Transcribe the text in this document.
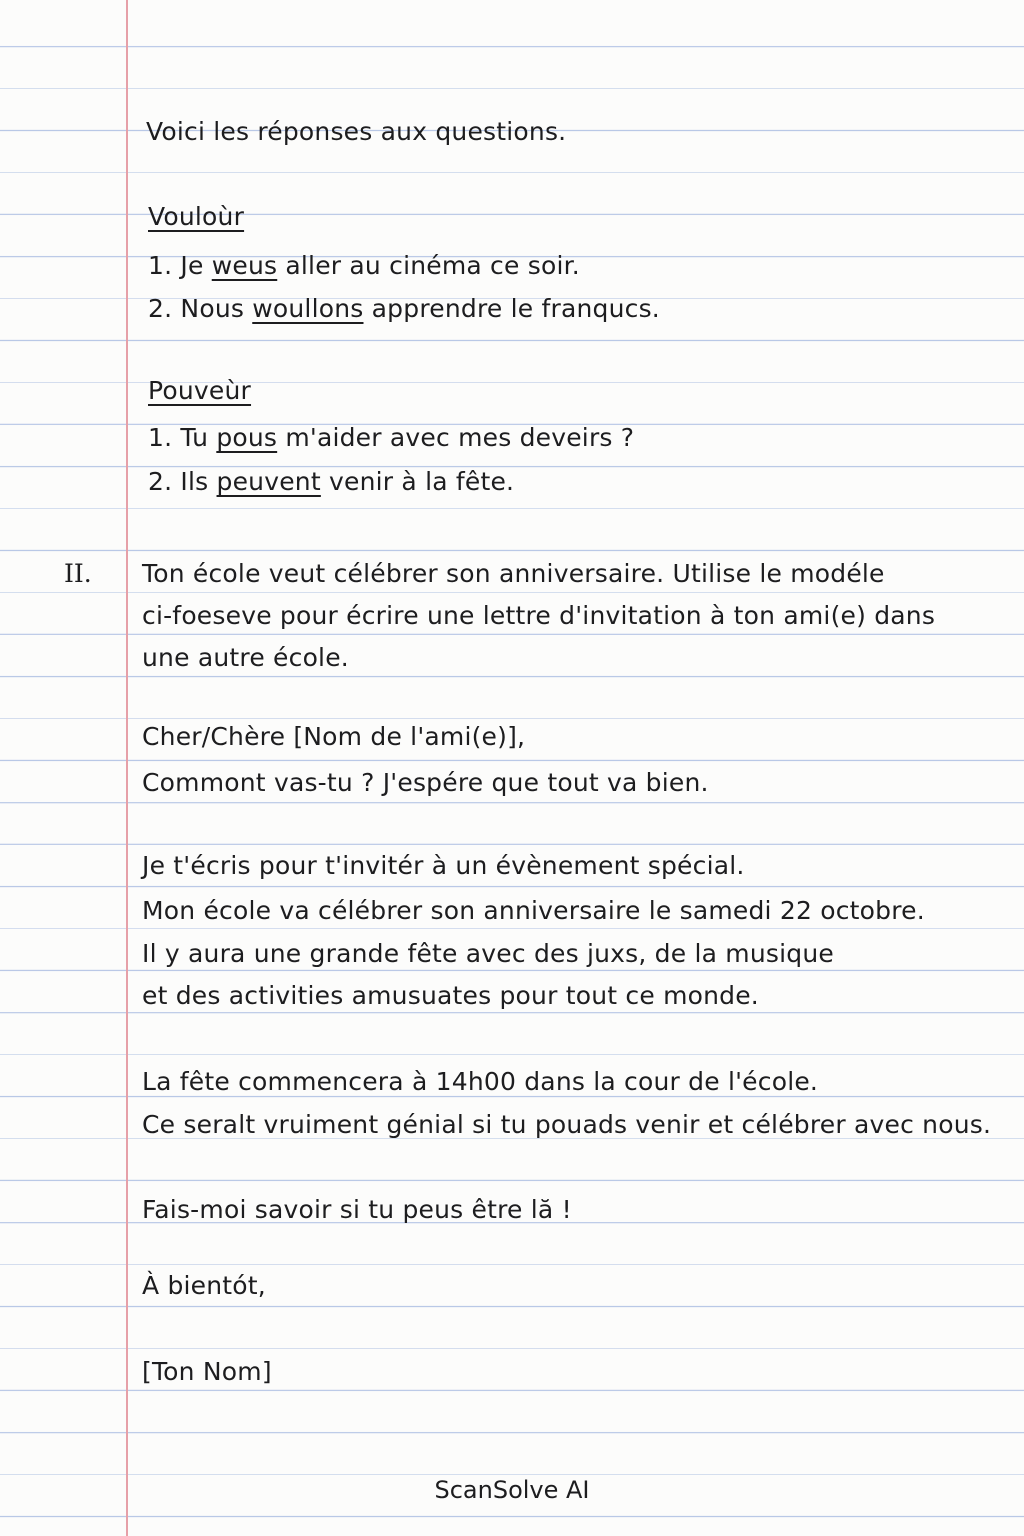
Voici les réponses aux questions.
Vouloùr
1. Je weus aller au cinéma ce soir.
2. Nous woullons apprendre le franqucs.
Pouveùr
1. Tu pous m'aider avec mes deveirs ?
2. Ils peuvent venir à la fête.
II. Ton école veut célébrer son anniversaire. Utilise le modéle
ci-foeseve pour écrire une lettre d'invitation à ton ami(e) dans
une autre école.
Cher/Chère [Nom de l'ami(e)],
Commont vas-tu ? J'espére que tout va bien.
Je t'écris pour t'invitér à un évènement spécial.
Mon école va célébrer son anniversaire le samedi 22 octobre.
Il y aura une grande fête avec des juxs, de la musique
et des activities amusuates pour tout ce monde.
La fête commencera à 14h00 dans la cour de l'école.
Ce seralt vruiment génial si tu pouads venir et célébrer avec nous.
Fais-moi savoir si tu peus être lă !
À bientót,
[Ton Nom]
ScanSolve AI
